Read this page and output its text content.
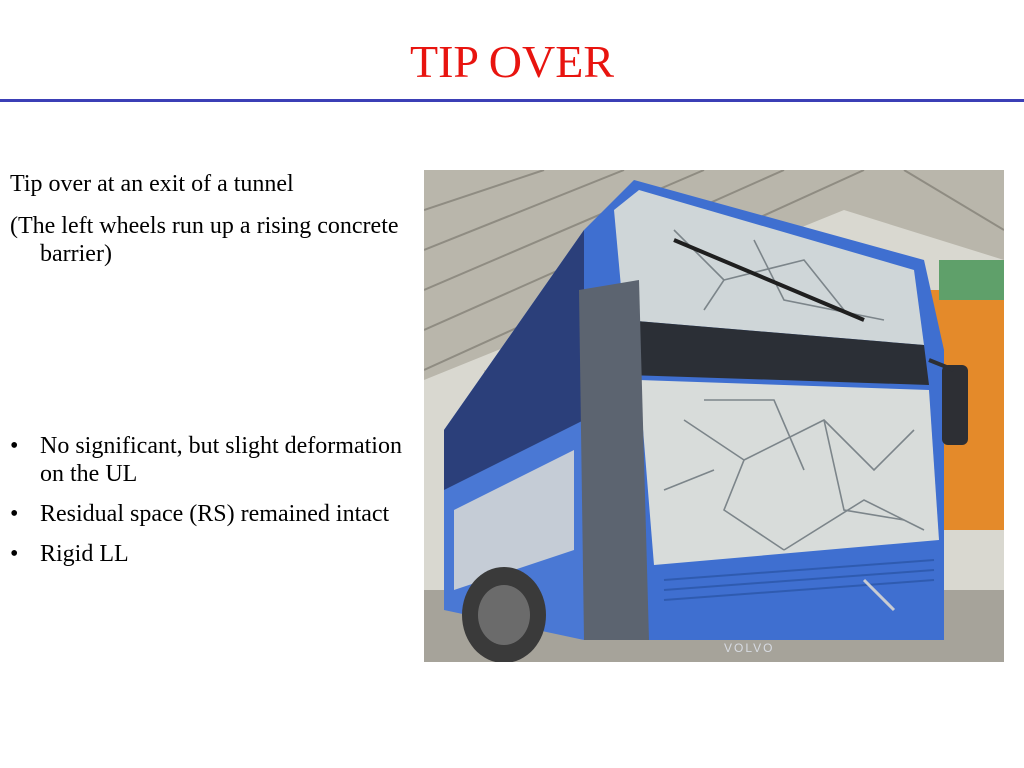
TIP OVER

Tip over at an exit of a tunnel

(The left wheels run up a rising concrete barrier)

• No significant, but slight deformation on the UL
• Residual space (RS) remained intact
• Rigid LL
VOLVO
